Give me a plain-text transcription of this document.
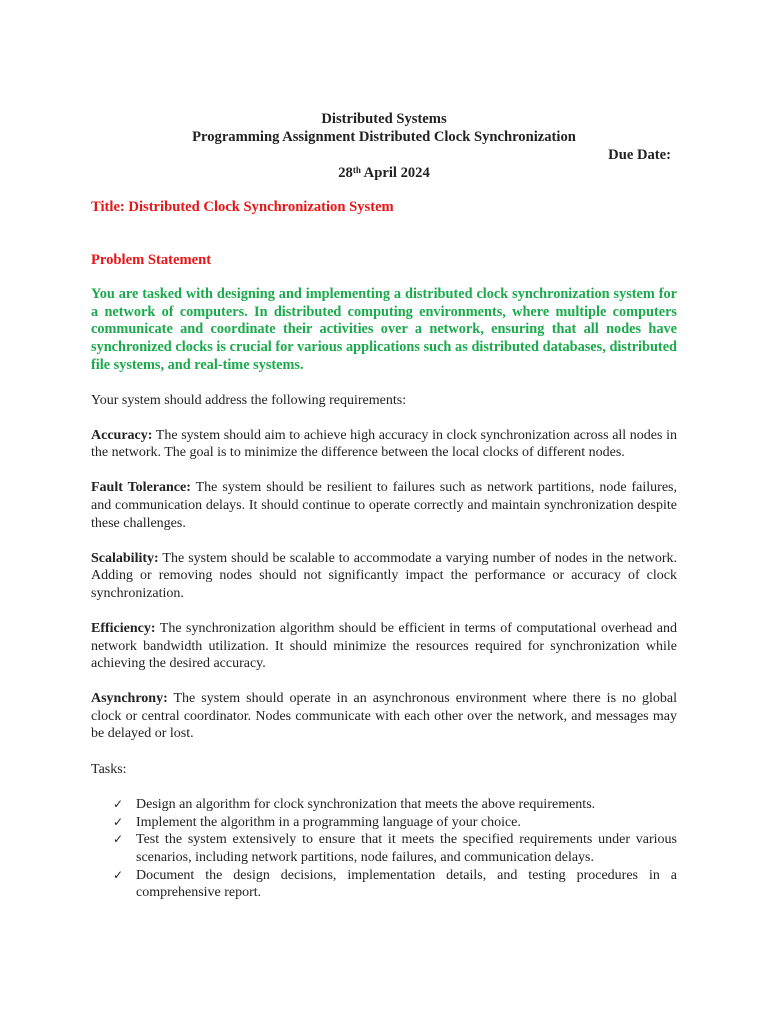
Distributed Systems
Programming Assignment Distributed Clock Synchronization
Due Date:
28th April 2024
Title: Distributed Clock Synchronization System
Problem Statement

You are tasked with designing and implementing a distributed clock synchronization system for a network of computers. In distributed computing environments, where multiple computers communicate and coordinate their activities over a network, ensuring that all nodes have synchronized clocks is crucial for various applications such as distributed databases, distributed file systems, and real-time systems.

Your system should address the following requirements:

Accuracy: The system should aim to achieve high accuracy in clock synchronization across all nodes in the network. The goal is to minimize the difference between the local clocks of different nodes.

Fault Tolerance: The system should be resilient to failures such as network partitions, node failures, and communication delays. It should continue to operate correctly and maintain synchronization despite these challenges.

Scalability: The system should be scalable to accommodate a varying number of nodes in the network. Adding or removing nodes should not significantly impact the performance or accuracy of clock synchronization.

Efficiency: The synchronization algorithm should be efficient in terms of computational overhead and network bandwidth utilization. It should minimize the resources required for synchronization while achieving the desired accuracy.

Asynchrony: The system should operate in an asynchronous environment where there is no global clock or central coordinator. Nodes communicate with each other over the network, and messages may be delayed or lost.

Tasks:

✓ Design an algorithm for clock synchronization that meets the above requirements.
✓ Implement the algorithm in a programming language of your choice.
✓ Test the system extensively to ensure that it meets the specified requirements under various scenarios, including network partitions, node failures, and communication delays.
✓ Document the design decisions, implementation details, and testing procedures in a comprehensive report.
